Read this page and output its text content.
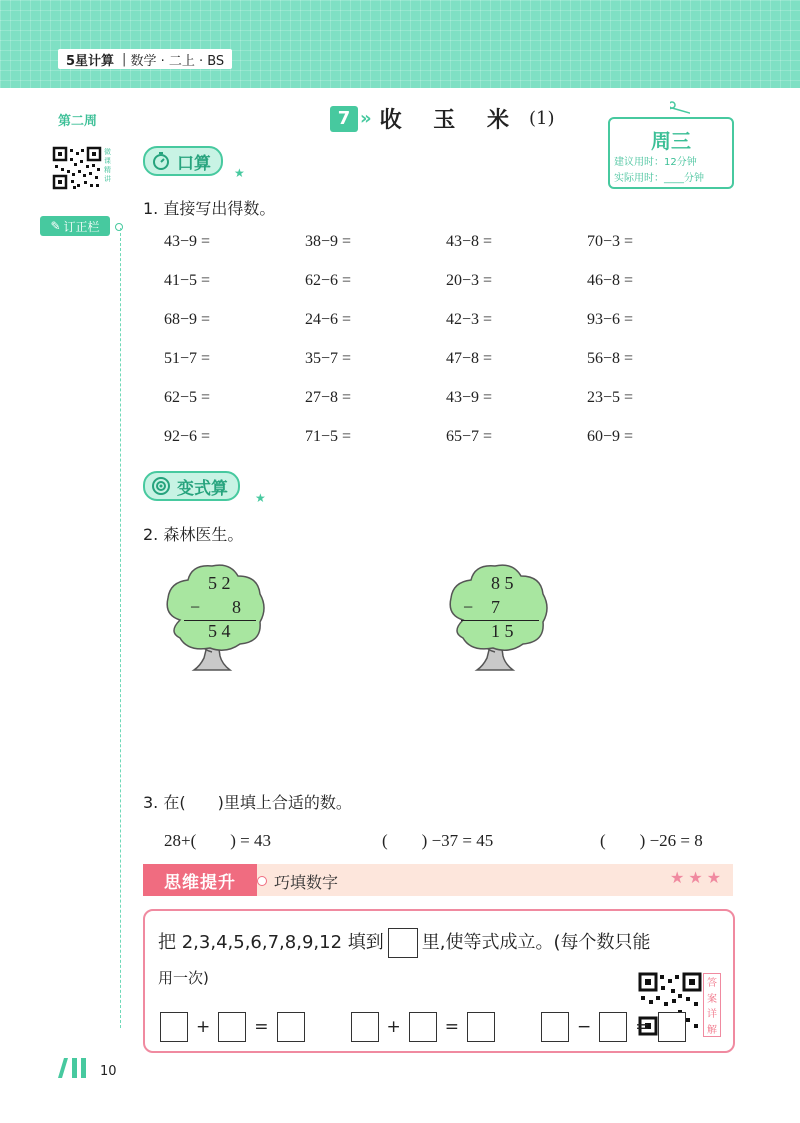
5星计算 | 数学 · 二上 · BS
第二周
微课精讲
✎ 订正栏
7 » 收 玉 米 (1)
周三
建议用时：12分钟
实际用时：____分钟
口算 ★
1. 直接写出得数。
43−9 =	38−9 =	43−8 =	70−3 =
41−5 =	62−6 =	20−3 =	46−8 =
68−9 =	24−6 =	42−3 =	93−6 =
51−7 =	35−7 =	47−8 =	56−8 =
62−5 =	27−8 =	43−9 =	23−5 =
92−6 =	71−5 =	65−7 =	60−9 =
变式算 ★
2. 森林医生。
5 2
− 8
5 4
8 5
− 7
1 5
3. 在(　　)里填上合适的数。
28+(　　) = 43	(　　) −37 = 45	(　　) −26 = 8
思维提升	巧填数字	★★★
把 2,3,4,5,6,7,8,9,12 填到 里,使等式成立。(每个数只能
用一次)	答
案
详
解
+	=	+	=	−	=
10
